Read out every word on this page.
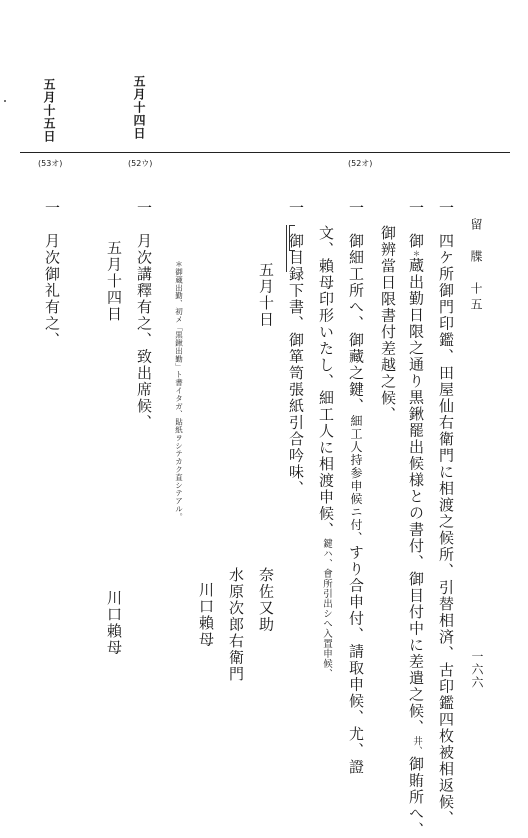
留　牒　十五
一六六
五月十五日	五月十四日
(53オ)	(52ウ)	(52オ)
一　四ケ所御門印鑑、田屋仙右衛門に相渡之候所、引替相済、古印鑑四枚被相返候、
一　御＊蔵出勤日限之通り黒鍬罷出候様との書付、御目付中に差遣之候、井、御賄所へ、
御辨當日限書付差越之候、
一　御細工所へ、御藏之鍵、細工人持参申候ニ付、すり合申付、請取申候、尤、證
文、賴母印形いたし、細工人に相渡申候、鍵ハ、會所引出シへ入置申候、
一　御目録下書、御箪笥張紙引合吟味、
五月十日
奈佐又助
水原次郎右衛門
川口賴母
＊御蔵出勤、初メ「黒鍬出勤」ト書イタガ、貼紙ヲシテカク直シテアル。
一　月次講釋有之、致出席候、
五月十四日
川口賴母
一　月次御礼有之、
